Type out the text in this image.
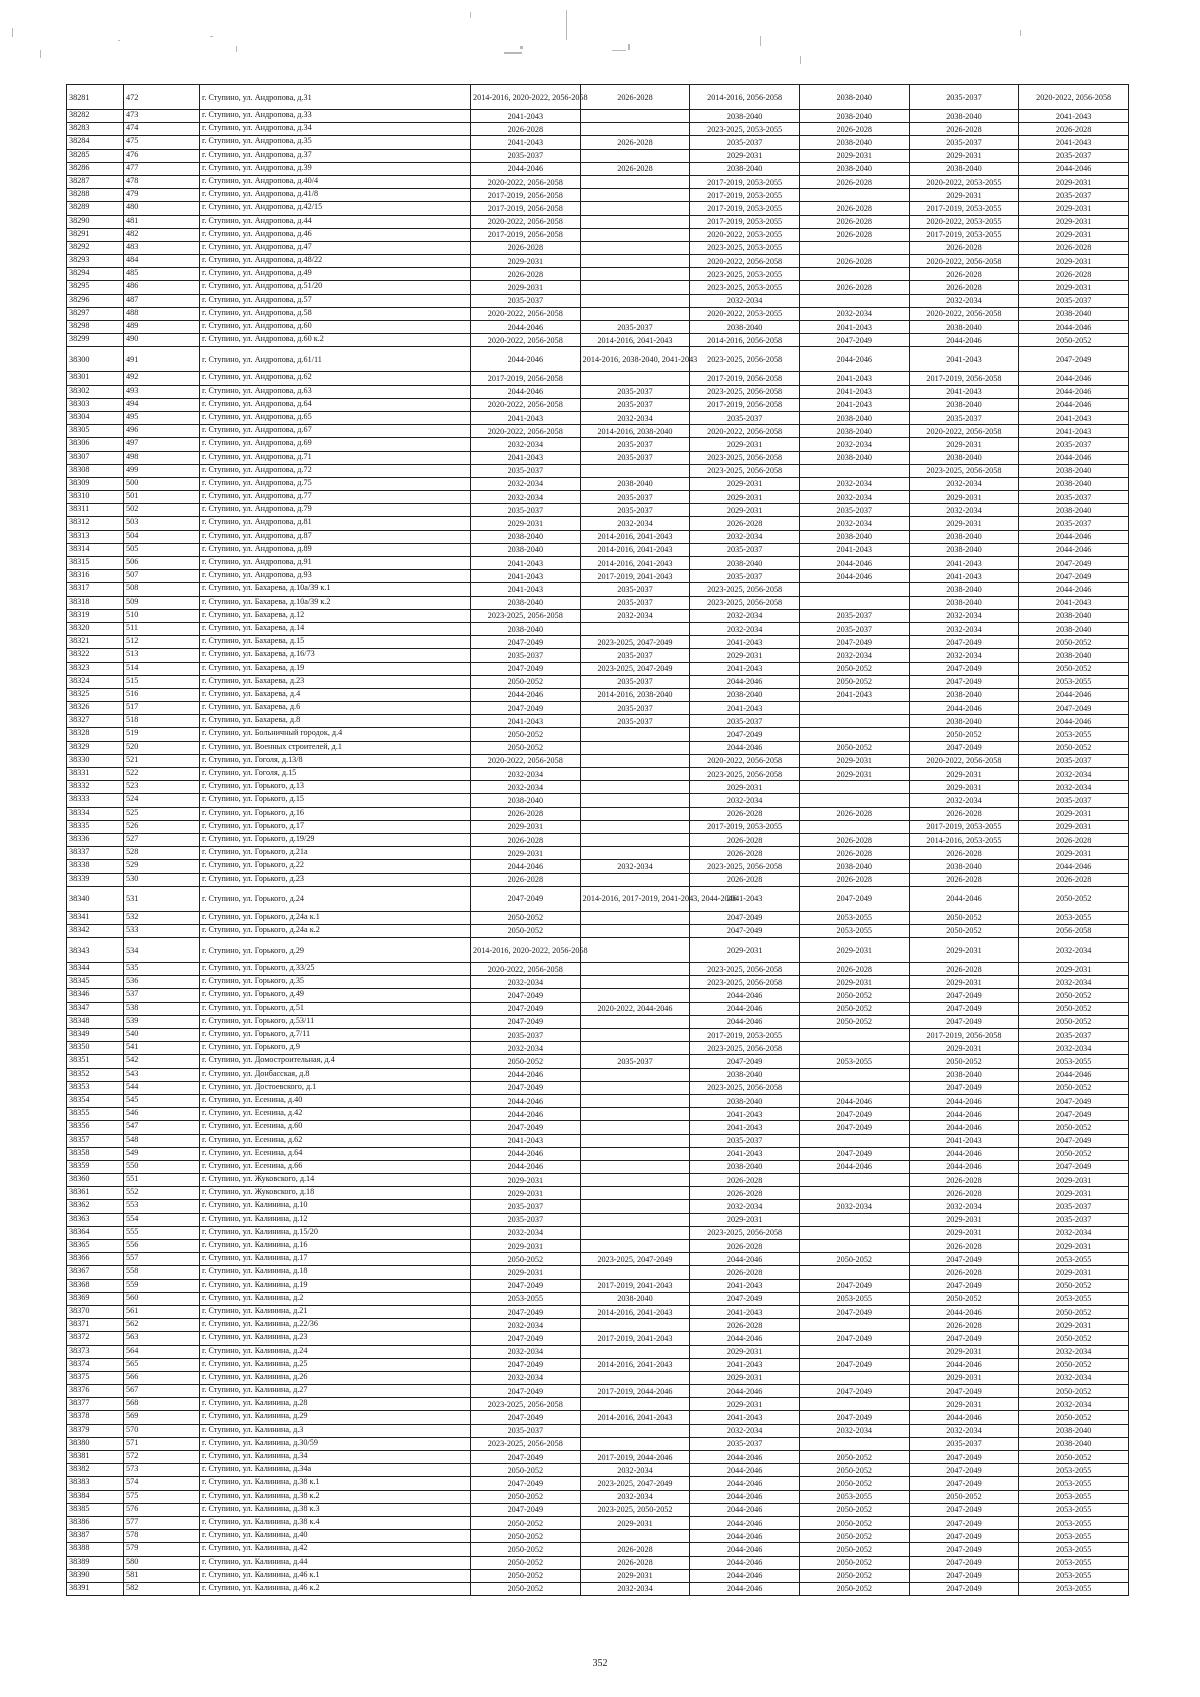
38281	472	г. Ступино, ул. Андропова, д.31	2014-2016, 2020-2022, 2056-2058	2026-2028	2014-2016, 2056-2058	2038-2040	2035-2037	2020-2022, 2056-2058
38282	473	г. Ступино, ул. Андропова, д.33	2041-2043		2038-2040	2038-2040	2038-2040	2041-2043
38283	474	г. Ступино, ул. Андропова, д.34	2026-2028		2023-2025, 2053-2055	2026-2028	2026-2028	2026-2028
38284	475	г. Ступино, ул. Андропова, д.35	2041-2043	2026-2028	2035-2037	2038-2040	2035-2037	2041-2043
38285	476	г. Ступино, ул. Андропова, д.37	2035-2037		2029-2031	2029-2031	2029-2031	2035-2037
38286	477	г. Ступино, ул. Андропова, д.39	2044-2046	2026-2028	2038-2040	2038-2040	2038-2040	2044-2046
38287	478	г. Ступино, ул. Андропова, д.40/4	2020-2022, 2056-2058		2017-2019, 2053-2055	2026-2028	2020-2022, 2053-2055	2029-2031
38288	479	г. Ступино, ул. Андропова, д.41/8	2017-2019, 2056-2058		2017-2019, 2053-2055		2029-2031	2035-2037
38289	480	г. Ступино, ул. Андропова, д.42/15	2017-2019, 2056-2058		2017-2019, 2053-2055	2026-2028	2017-2019, 2053-2055	2029-2031
38290	481	г. Ступино, ул. Андропова, д.44	2020-2022, 2056-2058		2017-2019, 2053-2055	2026-2028	2020-2022, 2053-2055	2029-2031
38291	482	г. Ступино, ул. Андропова, д.46	2017-2019, 2056-2058		2020-2022, 2053-2055	2026-2028	2017-2019, 2053-2055	2029-2031
38292	483	г. Ступино, ул. Андропова, д.47	2026-2028		2023-2025, 2053-2055		2026-2028	2026-2028
38293	484	г. Ступино, ул. Андропова, д.48/22	2029-2031		2020-2022, 2056-2058	2026-2028	2020-2022, 2056-2058	2029-2031
38294	485	г. Ступино, ул. Андропова, д.49	2026-2028		2023-2025, 2053-2055		2026-2028	2026-2028
38295	486	г. Ступино, ул. Андропова, д.51/20	2029-2031		2023-2025, 2053-2055	2026-2028	2026-2028	2029-2031
38296	487	г. Ступино, ул. Андропова, д.57	2035-2037		2032-2034		2032-2034	2035-2037
38297	488	г. Ступино, ул. Андропова, д.58	2020-2022, 2056-2058		2020-2022, 2053-2055	2032-2034	2020-2022, 2056-2058	2038-2040
38298	489	г. Ступино, ул. Андропова, д.60	2044-2046	2035-2037	2038-2040	2041-2043	2038-2040	2044-2046
38299	490	г. Ступино, ул. Андропова, д.60 к.2	2020-2022, 2056-2058	2014-2016, 2041-2043	2014-2016, 2056-2058	2047-2049	2044-2046	2050-2052
38300	491	г. Ступино, ул. Андропова, д.61/11	2044-2046	2014-2016, 2038-2040, 2041-2043	2023-2025, 2056-2058	2044-2046	2041-2043	2047-2049
38301	492	г. Ступино, ул. Андропова, д.62	2017-2019, 2056-2058		2017-2019, 2056-2058	2041-2043	2017-2019, 2056-2058	2044-2046
38302	493	г. Ступино, ул. Андропова, д.63	2044-2046	2035-2037	2023-2025, 2056-2058	2041-2043	2041-2043	2044-2046
38303	494	г. Ступино, ул. Андропова, д.64	2020-2022, 2056-2058	2035-2037	2017-2019, 2056-2058	2041-2043	2038-2040	2044-2046
38304	495	г. Ступино, ул. Андропова, д.65	2041-2043	2032-2034	2035-2037	2038-2040	2035-2037	2041-2043
38305	496	г. Ступино, ул. Андропова, д.67	2020-2022, 2056-2058	2014-2016, 2038-2040	2020-2022, 2056-2058	2038-2040	2020-2022, 2056-2058	2041-2043
38306	497	г. Ступино, ул. Андропова, д.69	2032-2034	2035-2037	2029-2031	2032-2034	2029-2031	2035-2037
38307	498	г. Ступино, ул. Андропова, д.71	2041-2043	2035-2037	2023-2025, 2056-2058	2038-2040	2038-2040	2044-2046
38308	499	г. Ступино, ул. Андропова, д.72	2035-2037		2023-2025, 2056-2058		2023-2025, 2056-2058	2038-2040
38309	500	г. Ступино, ул. Андропова, д.75	2032-2034	2038-2040	2029-2031	2032-2034	2032-2034	2038-2040
38310	501	г. Ступино, ул. Андропова, д.77	2032-2034	2035-2037	2029-2031	2032-2034	2029-2031	2035-2037
38311	502	г. Ступино, ул. Андропова, д.79	2035-2037	2035-2037	2029-2031	2035-2037	2032-2034	2038-2040
38312	503	г. Ступино, ул. Андропова, д.81	2029-2031	2032-2034	2026-2028	2032-2034	2029-2031	2035-2037
38313	504	г. Ступино, ул. Андропова, д.87	2038-2040	2014-2016, 2041-2043	2032-2034	2038-2040	2038-2040	2044-2046
38314	505	г. Ступино, ул. Андропова, д.89	2038-2040	2014-2016, 2041-2043	2035-2037	2041-2043	2038-2040	2044-2046
38315	506	г. Ступино, ул. Андропова, д.91	2041-2043	2014-2016, 2041-2043	2038-2040	2044-2046	2041-2043	2047-2049
38316	507	г. Ступино, ул. Андропова, д.93	2041-2043	2017-2019, 2041-2043	2035-2037	2044-2046	2041-2043	2047-2049
38317	508	г. Ступино, ул. Бахарева, д.10а/39 к.1	2041-2043	2035-2037	2023-2025, 2056-2058		2038-2040	2044-2046
38318	509	г. Ступино, ул. Бахарева, д.10а/39 к.2	2038-2040	2035-2037	2023-2025, 2056-2058		2038-2040	2041-2043
38319	510	г. Ступино, ул. Бахарева, д.12	2023-2025, 2056-2058	2032-2034	2032-2034	2035-2037	2032-2034	2038-2040
38320	511	г. Ступино, ул. Бахарева, д.14	2038-2040		2032-2034	2035-2037	2032-2034	2038-2040
38321	512	г. Ступино, ул. Бахарева, д.15	2047-2049	2023-2025, 2047-2049	2041-2043	2047-2049	2047-2049	2050-2052
38322	513	г. Ступино, ул. Бахарева, д.16/73	2035-2037	2035-2037	2029-2031	2032-2034	2032-2034	2038-2040
38323	514	г. Ступино, ул. Бахарева, д.19	2047-2049	2023-2025, 2047-2049	2041-2043	2050-2052	2047-2049	2050-2052
38324	515	г. Ступино, ул. Бахарева, д.23	2050-2052	2035-2037	2044-2046	2050-2052	2047-2049	2053-2055
38325	516	г. Ступино, ул. Бахарева, д.4	2044-2046	2014-2016, 2038-2040	2038-2040	2041-2043	2038-2040	2044-2046
38326	517	г. Ступино, ул. Бахарева, д.6	2047-2049	2035-2037	2041-2043		2044-2046	2047-2049
38327	518	г. Ступино, ул. Бахарева, д.8	2041-2043	2035-2037	2035-2037		2038-2040	2044-2046
38328	519	г. Ступино, ул. Больничный городок, д.4	2050-2052		2047-2049		2050-2052	2053-2055
38329	520	г. Ступино, ул. Военных строителей, д.1	2050-2052		2044-2046	2050-2052	2047-2049	2050-2052
38330	521	г. Ступино, ул. Гоголя, д.13/8	2020-2022, 2056-2058		2020-2022, 2056-2058	2029-2031	2020-2022, 2056-2058	2035-2037
38331	522	г. Ступино, ул. Гоголя, д.15	2032-2034		2023-2025, 2056-2058	2029-2031	2029-2031	2032-2034
38332	523	г. Ступино, ул. Горького, д.13	2032-2034		2029-2031		2029-2031	2032-2034
38333	524	г. Ступино, ул. Горького, д.15	2038-2040		2032-2034		2032-2034	2035-2037
38334	525	г. Ступино, ул. Горького, д.16	2026-2028		2026-2028	2026-2028	2026-2028	2029-2031
38335	526	г. Ступино, ул. Горького, д.17	2029-2031		2017-2019, 2053-2055		2017-2019, 2053-2055	2029-2031
38336	527	г. Ступино, ул. Горького, д.19/29	2026-2028		2026-2028	2026-2028	2014-2016, 2053-2055	2026-2028
38337	528	г. Ступино, ул. Горького, д.21а	2029-2031		2026-2028	2026-2028	2026-2028	2029-2031
38338	529	г. Ступино, ул. Горького, д.22	2044-2046	2032-2034	2023-2025, 2056-2058	2038-2040	2038-2040	2044-2046
38339	530	г. Ступино, ул. Горького, д.23	2026-2028		2026-2028	2026-2028	2026-2028	2026-2028
38340	531	г. Ступино, ул. Горького, д.24	2047-2049	2014-2016, 2017-2019, 2041-2043, 2044-2046	2041-2043	2047-2049	2044-2046	2050-2052
38341	532	г. Ступино, ул. Горького, д.24а к.1	2050-2052		2047-2049	2053-2055	2050-2052	2053-2055
38342	533	г. Ступино, ул. Горького, д.24а к.2	2050-2052		2047-2049	2053-2055	2050-2052	2056-2058
38343	534	г. Ступино, ул. Горького, д.29	2014-2016, 2020-2022, 2056-2058		2029-2031	2029-2031	2029-2031	2032-2034
38344	535	г. Ступино, ул. Горького, д.33/25	2020-2022, 2056-2058		2023-2025, 2056-2058	2026-2028	2026-2028	2029-2031
38345	536	г. Ступино, ул. Горького, д.35	2032-2034		2023-2025, 2056-2058	2029-2031	2029-2031	2032-2034
38346	537	г. Ступино, ул. Горького, д.49	2047-2049		2044-2046	2050-2052	2047-2049	2050-2052
38347	538	г. Ступино, ул. Горького, д.51	2047-2049	2020-2022, 2044-2046	2044-2046	2050-2052	2047-2049	2050-2052
38348	539	г. Ступино, ул. Горького, д.53/11	2047-2049		2044-2046	2050-2052	2047-2049	2050-2052
38349	540	г. Ступино, ул. Горького, д.7/11	2035-2037		2017-2019, 2053-2055		2017-2019, 2056-2058	2035-2037
38350	541	г. Ступино, ул. Горького, д.9	2032-2034		2023-2025, 2056-2058		2029-2031	2032-2034
38351	542	г. Ступино, ул. Домостроительная, д.4	2050-2052	2035-2037	2047-2049	2053-2055	2050-2052	2053-2055
38352	543	г. Ступино, ул. Донбасская, д.8	2044-2046		2038-2040		2038-2040	2044-2046
38353	544	г. Ступино, ул. Достоевского, д.1	2047-2049		2023-2025, 2056-2058		2047-2049	2050-2052
38354	545	г. Ступино, ул. Есенина, д.40	2044-2046		2038-2040	2044-2046	2044-2046	2047-2049
38355	546	г. Ступино, ул. Есенина, д.42	2044-2046		2041-2043	2047-2049	2044-2046	2047-2049
38356	547	г. Ступино, ул. Есенина, д.60	2047-2049		2041-2043	2047-2049	2044-2046	2050-2052
38357	548	г. Ступино, ул. Есенина, д.62	2041-2043		2035-2037		2041-2043	2047-2049
38358	549	г. Ступино, ул. Есенина, д.64	2044-2046		2041-2043	2047-2049	2044-2046	2050-2052
38359	550	г. Ступино, ул. Есенина, д.66	2044-2046		2038-2040	2044-2046	2044-2046	2047-2049
38360	551	г. Ступино, ул. Жуковского, д.14	2029-2031		2026-2028		2026-2028	2029-2031
38361	552	г. Ступино, ул. Жуковского, д.18	2029-2031		2026-2028		2026-2028	2029-2031
38362	553	г. Ступино, ул. Калинина, д.10	2035-2037		2032-2034	2032-2034	2032-2034	2035-2037
38363	554	г. Ступино, ул. Калинина, д.12	2035-2037		2029-2031		2029-2031	2035-2037
38364	555	г. Ступино, ул. Калинина, д.15/20	2032-2034		2023-2025, 2056-2058		2029-2031	2032-2034
38365	556	г. Ступино, ул. Калинина, д.16	2029-2031		2026-2028		2026-2028	2029-2031
38366	557	г. Ступино, ул. Калинина, д.17	2050-2052	2023-2025, 2047-2049	2044-2046	2050-2052	2047-2049	2053-2055
38367	558	г. Ступино, ул. Калинина, д.18	2029-2031		2026-2028		2026-2028	2029-2031
38368	559	г. Ступино, ул. Калинина, д.19	2047-2049	2017-2019, 2041-2043	2041-2043	2047-2049	2047-2049	2050-2052
38369	560	г. Ступино, ул. Калинина, д.2	2053-2055	2038-2040	2047-2049	2053-2055	2050-2052	2053-2055
38370	561	г. Ступино, ул. Калинина, д.21	2047-2049	2014-2016, 2041-2043	2041-2043	2047-2049	2044-2046	2050-2052
38371	562	г. Ступино, ул. Калинина, д.22/36	2032-2034		2026-2028		2026-2028	2029-2031
38372	563	г. Ступино, ул. Калинина, д.23	2047-2049	2017-2019, 2041-2043	2044-2046	2047-2049	2047-2049	2050-2052
38373	564	г. Ступино, ул. Калинина, д.24	2032-2034		2029-2031		2029-2031	2032-2034
38374	565	г. Ступино, ул. Калинина, д.25	2047-2049	2014-2016, 2041-2043	2041-2043	2047-2049	2044-2046	2050-2052
38375	566	г. Ступино, ул. Калинина, д.26	2032-2034		2029-2031		2029-2031	2032-2034
38376	567	г. Ступино, ул. Калинина, д.27	2047-2049	2017-2019, 2044-2046	2044-2046	2047-2049	2047-2049	2050-2052
38377	568	г. Ступино, ул. Калинина, д.28	2023-2025, 2056-2058		2029-2031		2029-2031	2032-2034
38378	569	г. Ступино, ул. Калинина, д.29	2047-2049	2014-2016, 2041-2043	2041-2043	2047-2049	2044-2046	2050-2052
38379	570	г. Ступино, ул. Калинина, д.3	2035-2037		2032-2034	2032-2034	2032-2034	2038-2040
38380	571	г. Ступино, ул. Калинина, д.30/59	2023-2025, 2056-2058		2035-2037		2035-2037	2038-2040
38381	572	г. Ступино, ул. Калинина, д.34	2047-2049	2017-2019, 2044-2046	2044-2046	2050-2052	2047-2049	2050-2052
38382	573	г. Ступино, ул. Калинина, д.34а	2050-2052	2032-2034	2044-2046	2050-2052	2047-2049	2053-2055
38383	574	г. Ступино, ул. Калинина, д.38 к.1	2047-2049	2023-2025, 2047-2049	2044-2046	2050-2052	2047-2049	2053-2055
38384	575	г. Ступино, ул. Калинина, д.38 к.2	2050-2052	2032-2034	2044-2046	2053-2055	2050-2052	2053-2055
38385	576	г. Ступино, ул. Калинина, д.38 к.3	2047-2049	2023-2025, 2050-2052	2044-2046	2050-2052	2047-2049	2053-2055
38386	577	г. Ступино, ул. Калинина, д.38 к.4	2050-2052	2029-2031	2044-2046	2050-2052	2047-2049	2053-2055
38387	578	г. Ступино, ул. Калинина, д.40	2050-2052		2044-2046	2050-2052	2047-2049	2053-2055
38388	579	г. Ступино, ул. Калинина, д.42	2050-2052	2026-2028	2044-2046	2050-2052	2047-2049	2053-2055
38389	580	г. Ступино, ул. Калинина, д.44	2050-2052	2026-2028	2044-2046	2050-2052	2047-2049	2053-2055
38390	581	г. Ступино, ул. Калинина, д.46 к.1	2050-2052	2029-2031	2044-2046	2050-2052	2047-2049	2053-2055
38391	582	г. Ступино, ул. Калинина, д.46 к.2	2050-2052	2032-2034	2044-2046	2050-2052	2047-2049	2053-2055
352
